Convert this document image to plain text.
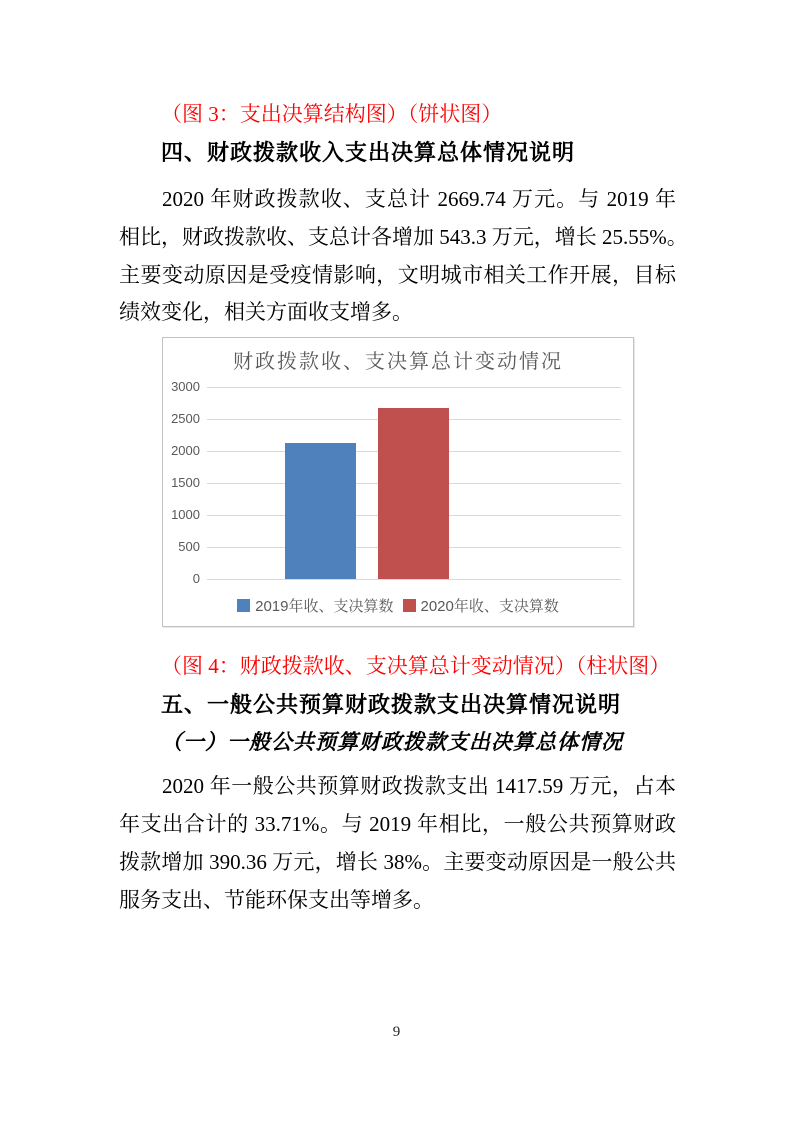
（图 3：支出决算结构图）（饼状图）
四、财政拨款收入支出决算总体情况说明
2020 年财政拨款收、支总计 2669.74 万元。与 2019 年
相比，财政拨款收、支总计各增加 543.3 万元，增长 25.55%。
主要变动原因是受疫情影响，文明城市相关工作开展，目标
绩效变化，相关方面收支增多。
财政拨款收、支决算总计变动情况
3000
2500
2000
1500
1000
500
0
2019年收、支决算数 2020年收、支决算数
（图 4：财政拨款收、支决算总计变动情况）（柱状图）
五、一般公共预算财政拨款支出决算情况说明
（一）一般公共预算财政拨款支出决算总体情况
2020 年一般公共预算财政拨款支出 1417.59 万元，占本
年支出合计的 33.71%。与 2019 年相比，一般公共预算财政
拨款增加 390.36 万元，增长 38%。主要变动原因是一般公共
服务支出、节能环保支出等增多。
9
